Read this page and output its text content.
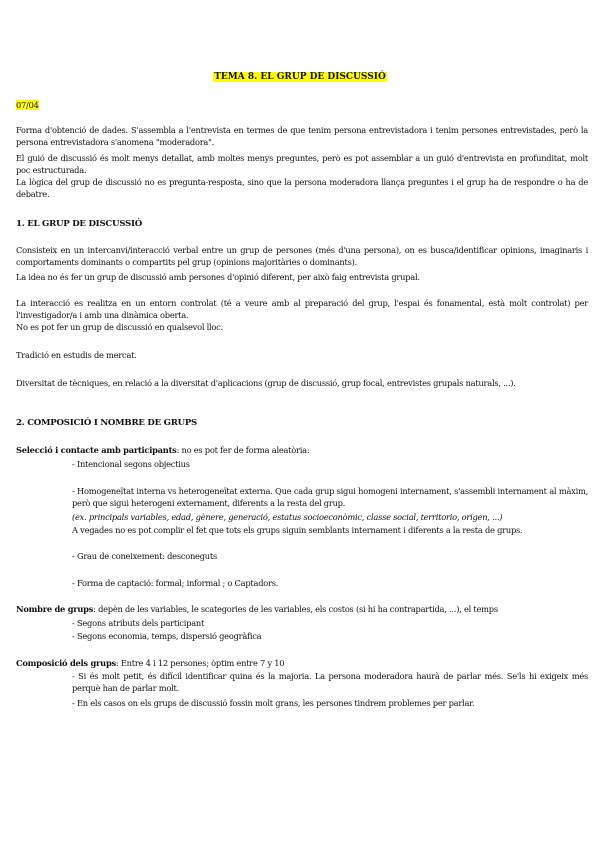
TEMA 8. EL GRUP DE DISCUSSIÓ
07/04
Forma d'obtenció de dades. S'assembla a l'entrevista en termes de que tenim persona entrevistadora i tenim persones entrevistades, però la persona entrevistadora s'anomena "moderadora".
El guió de discussió és molt menys detallat, amb moltes menys preguntes, però es pot assemblar a un guió d'entrevista en profunditat, molt poc estructurada.
La lògica del grup de discussió no es pregunta-resposta, sino que la persona moderadora llança preguntes i el grup ha de respondre o ha de debatre.
1. EL GRUP DE DISCUSSIÓ
Consisteix en un intercanvi/interacció verbal entre un grup de persones (més d'una persona), on es busca/identificar opinions, imaginaris i comportaments dominants o compartits pel grup (opinions majoritàries o dominants).
La idea no és fer un grup de discussió amb persones d'opinió diferent, per això faig entrevista grupal.
La interacció es realitza en un entorn controlat (té a veure amb al preparació del grup, l'espai és fonamental, està molt controlat) per l'investigador/a i amb una dinàmica oberta.
No es pot fer un grup de discussió en qualsevol lloc.
Tradició en estudis de mercat.
Diversitat de tècniques, en relació a la diversitat d'aplicacions (grup de discussió, grup focal, entrevistes grupals naturals, ...).
2. COMPOSICIÓ I NOMBRE DE GRUPS
Selecció i contacte amb participants: no es pot fer de forma aleatòria:
- Intencional segons objectius
- Homogeneïtat interna vs heterogeneïtat externa. Que cada grup sigui homogeni internament, s'assembli internament al màxim, però que sigui heterogeni externament, diferents a la resta del grup.
(ex. principals variables, edad, gènere, generació, estatus socioeconòmic, classe social, territorio, origen, ...)
A vegades no es pot complir el fet que tots els grups siguin semblants internament i diferents a la resta de grups.
- Grau de coneixement: desconeguts
- Forma de captació: formal; informal ; o Captadors.
Nombre de grups: depèn de les variables, le scategories de les variables, els costos (si hi ha contrapartida, ...), el temps
- Segons atributs dels participant
- Segons economia, temps, dispersió geogràfica
Composició dels grups: Entre 4 i 12 persones; òptim entre 7 y 10
- Si és molt petit, és difícil identificar quina és la majoria. La persona moderadora haurà de parlar més. Se'ls hi exigeix més perquè han de parlar molt.
- En els casos on els grups de discussió fossin molt grans, les persones tindrem problemes per parlar.
